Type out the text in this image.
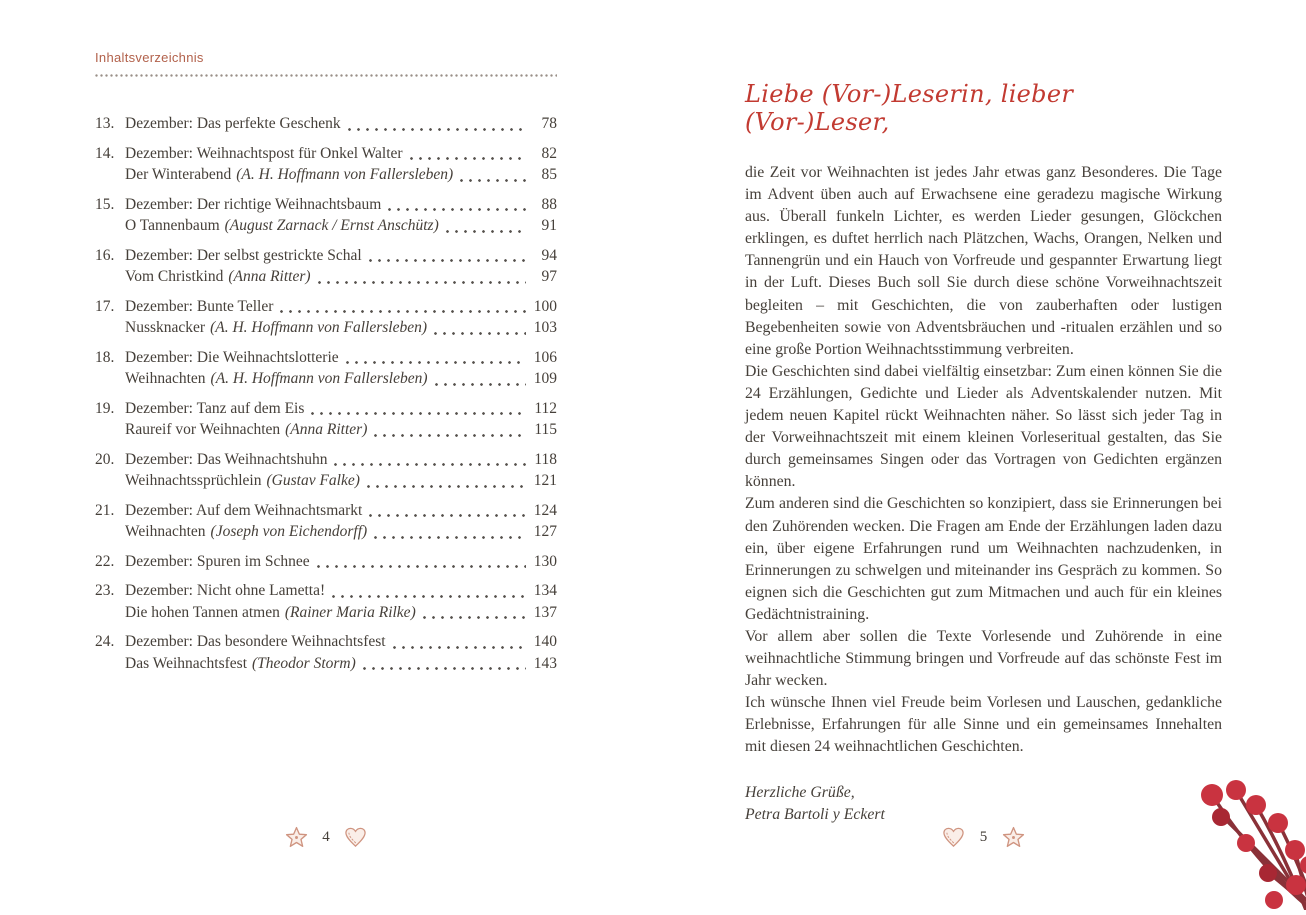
Inhaltsverzeichnis
13. Dezember: Das perfekte Geschenk	78
14. Dezember: Weihnachtspost für Onkel Walter	82
Der Winterabend (A. H. Hoffmann von Fallersleben)	85
15. Dezember: Der richtige Weihnachtsbaum	88
O Tannenbaum (August Zarnack / Ernst Anschütz)	91
16. Dezember: Der selbst gestrickte Schal	94
Vom Christkind (Anna Ritter)	97
17. Dezember: Bunte Teller	100
Nussknacker (A. H. Hoffmann von Fallersleben)	103
18. Dezember: Die Weihnachtslotterie	106
Weihnachten (A. H. Hoffmann von Fallersleben)	109
19. Dezember: Tanz auf dem Eis	112
Raureif vor Weihnachten (Anna Ritter)	115
20. Dezember: Das Weihnachtshuhn	118
Weihnachtssprüchlein (Gustav Falke)	121
21. Dezember: Auf dem Weihnachtsmarkt	124
Weihnachten (Joseph von Eichendorff)	127
22. Dezember: Spuren im Schnee	130
23. Dezember: Nicht ohne Lametta!	134
Die hohen Tannen atmen (Rainer Maria Rilke)	137
24. Dezember: Das besondere Weihnachtsfest	140
Das Weihnachtsfest (Theodor Storm)	143
4
Liebe (Vor-)Leserin, lieber (Vor-)Leser,

die Zeit vor Weihnachten ist jedes Jahr etwas ganz Besonderes. Die Tage im Advent üben auch auf Erwachsene eine geradezu magische Wirkung aus. Überall funkeln Lichter, es werden Lieder gesungen, Glöckchen erklingen, es duftet herrlich nach Plätzchen, Wachs, Orangen, Nelken und Tannengrün und ein Hauch von Vorfreude und gespannter Erwartung liegt in der Luft. Dieses Buch soll Sie durch diese schöne Vorweihnachtszeit begleiten – mit Geschichten, die von zauberhaften oder lustigen Begebenheiten sowie von Adventsbräuchen und -ritualen erzählen und so eine große Portion Weihnachtsstimmung verbreiten.

Die Geschichten sind dabei vielfältig einsetzbar: Zum einen können Sie die 24 Erzählungen, Gedichte und Lieder als Adventskalender nutzen. Mit jedem neuen Kapitel rückt Weihnachten näher. So lässt sich jeder Tag in der Vorweihnachtszeit mit einem kleinen Vorleseritual gestalten, das Sie durch gemeinsames Singen oder das Vortragen von Gedichten ergänzen können.

Zum anderen sind die Geschichten so konzipiert, dass sie Erinnerungen bei den Zuhörenden wecken. Die Fragen am Ende der Erzählungen laden dazu ein, über eigene Erfahrungen rund um Weihnachten nachzudenken, in Erinnerungen zu schwelgen und miteinander ins Gespräch zu kommen. So eignen sich die Geschichten gut zum Mitmachen und auch für ein kleines Gedächtnistraining.

Vor allem aber sollen die Texte Vorlesende und Zuhörende in eine weihnachtliche Stimmung bringen und Vorfreude auf das schönste Fest im Jahr wecken.

Ich wünsche Ihnen viel Freude beim Vorlesen und Lauschen, gedankliche Erlebnisse, Erfahrungen für alle Sinne und ein gemeinsames Innehalten mit diesen 24 weihnachtlichen Geschichten.

Herzliche Grüße,
Petra Bartoli y Eckert
5
